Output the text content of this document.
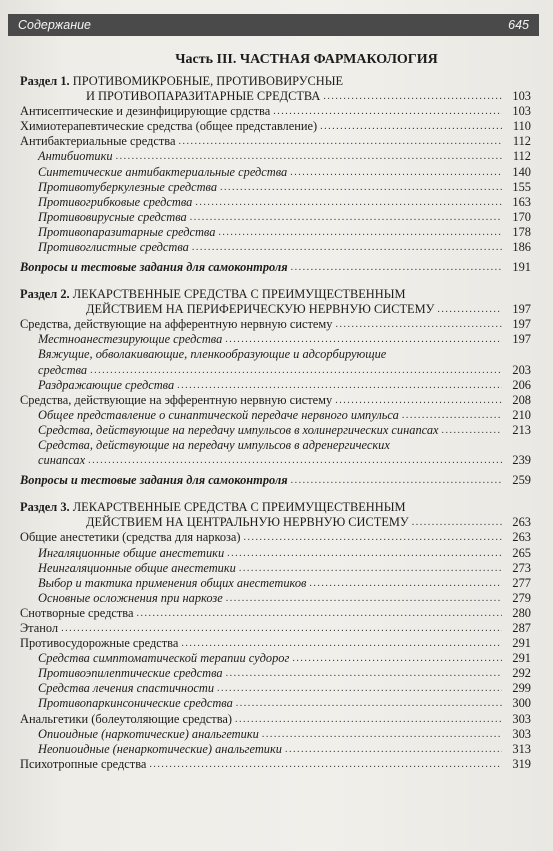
Содержание	645
Часть III. ЧАСТНАЯ ФАРМАКОЛОГИЯ
Раздел 1. ПРОТИВОМИКРОБНЫЕ, ПРОТИВОВИРУСНЫЕ
И ПРОТИВОПАРАЗИТАРНЫЕ СРЕДСТВА .....	103
Антисептические и дезинфицирующие срдства .....	103
Химиотерапевтические средства (общее представление) .....	110
Антибактериальные средства .....	112
Антибиотики .....	112
Синтетические антибактериальные средства .....	140
Противотуберкулезные средства .....	155
Противогрибковые средства .....	163
Противовирусные средства .....	170
Противопаразитарные средства .....	178
Противоглистные средства .....	186
Вопросы и тестовые задания для самоконтроля .....	191
Раздел 2. ЛЕКАРСТВЕННЫЕ СРЕДСТВА С ПРЕИМУЩЕСТВЕННЫМ
ДЕЙСТВИЕМ НА ПЕРИФЕРИЧЕСКУЮ НЕРВНУЮ СИСТЕМУ .....	197
Средства, действующие на афферентную нервную систему .....	197
Местноанестезирующие средства .....	197
Вяжущие, обволакивающие, пленкообразующие и адсорбирующие
средства .....	203
Раздражающие средства .....	206
Средства, действующие на эфферентную нервную систему .....	208
Общее представление о синаптической передаче нервного импульса .....	210
Средства, действующие на передачу импульсов в холинергических синапсах .....	213
Средства, действующие на передачу импульсов в адренергических
синапсах .....	239
Вопросы и тестовые задания для самоконтроля .....	259
Раздел 3. ЛЕКАРСТВЕННЫЕ СРЕДСТВА С ПРЕИМУЩЕСТВЕННЫМ
ДЕЙСТВИЕМ НА ЦЕНТРАЛЬНУЮ НЕРВНУЮ СИСТЕМУ .....	263
Общие анестетики (средства для наркоза) .....	263
Ингаляционные общие анестетики .....	265
Неингаляционные общие анестетики .....	273
Выбор и тактика применения общих анестетиков .....	277
Основные осложнения при наркозе .....	279
Снотворные средства .....	280
Этанол .....	287
Противосудорожные средства .....	291
Средства симптоматической терапии судорог .....	291
Противоэпилептические средства .....	292
Средства лечения спастичности .....	299
Противопаркинсонические средства .....	300
Анальгетики (болеутоляющие средства) .....	303
Опиоидные (наркотические) анальгетики .....	303
Неопиоидные (ненаркотические) анальгетики .....	313
Психотропные средства .....	319
